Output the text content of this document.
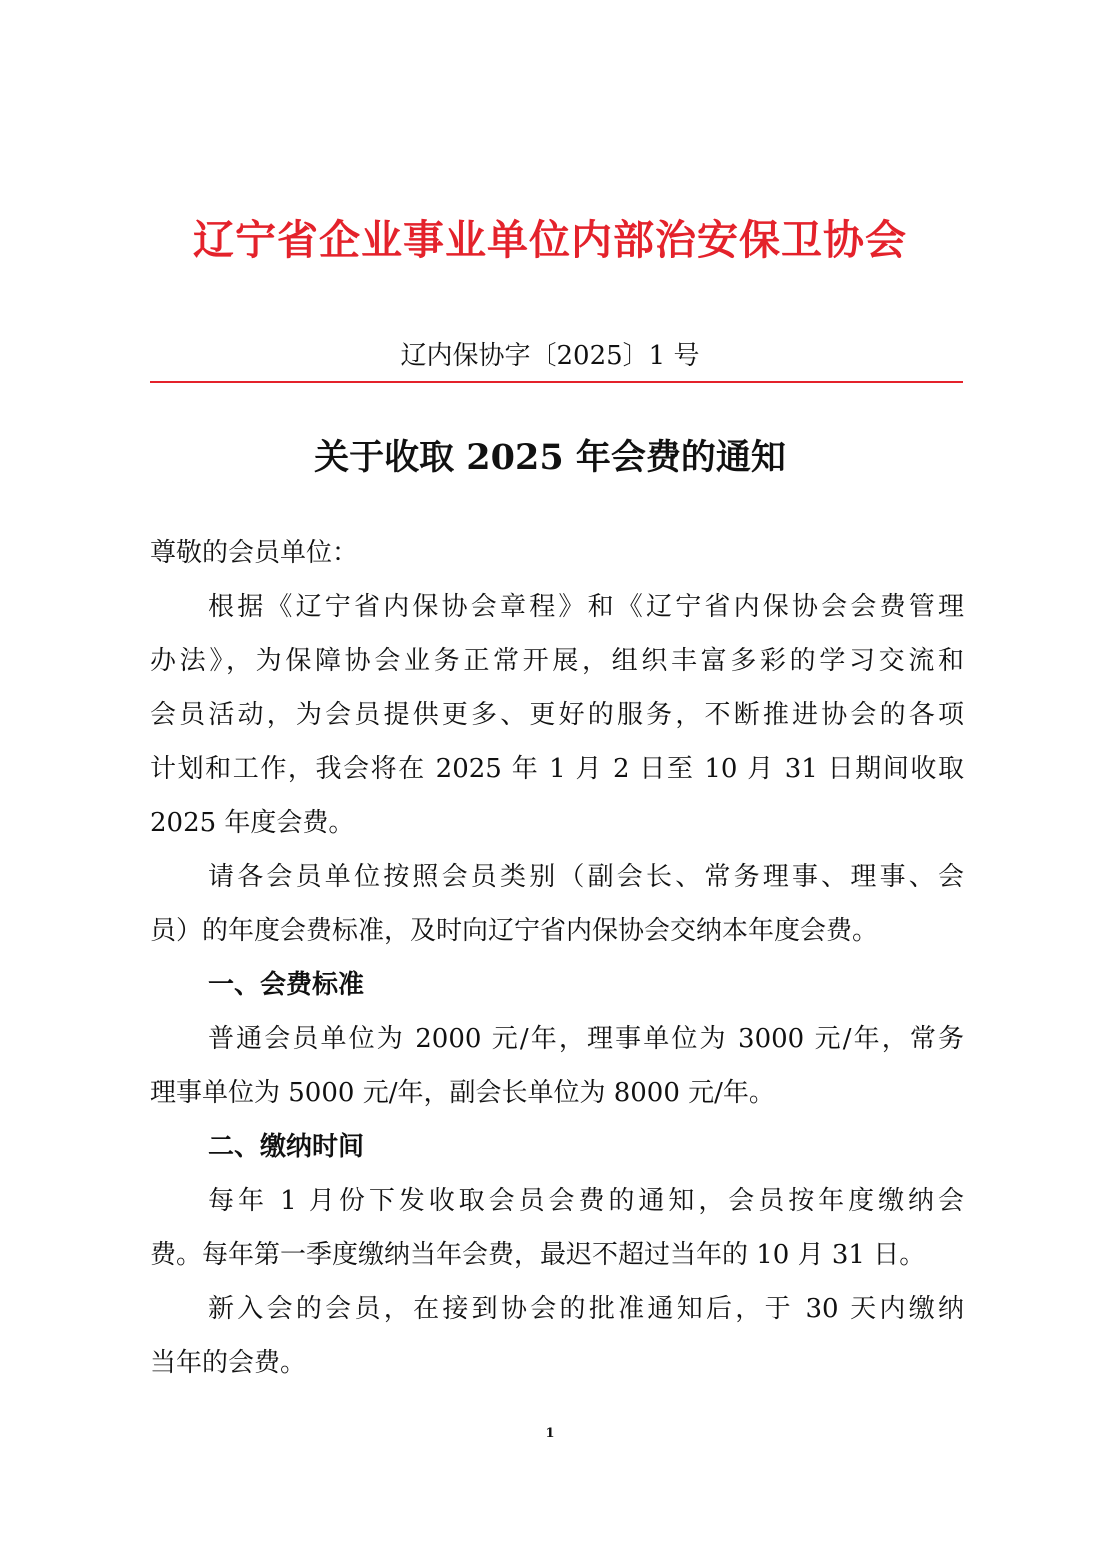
辽宁省企业事业单位内部治安保卫协会
辽内保协字〔2025〕1 号
关于收取 2025 年会费的通知
尊敬的会员单位：
根据《辽宁省内保协会章程》和《辽宁省内保协会会费管理
办法》，为保障协会业务正常开展，组织丰富多彩的学习交流和
会员活动，为会员提供更多、更好的服务，不断推进协会的各项
计划和工作，我会将在 2025 年 1 月 2 日至 10 月 31 日期间收取
2025 年度会费。
请各会员单位按照会员类别（副会长、常务理事、理事、会
员）的年度会费标准，及时向辽宁省内保协会交纳本年度会费。
一、会费标准
普通会员单位为 2000 元/年，理事单位为 3000 元/年，常务
理事单位为 5000 元/年，副会长单位为 8000 元/年。
二、缴纳时间
每年 1 月份下发收取会员会费的通知，会员按年度缴纳会
费。每年第一季度缴纳当年会费，最迟不超过当年的 10 月 31 日。
新入会的会员，在接到协会的批准通知后，于 30 天内缴纳
当年的会费。
1
